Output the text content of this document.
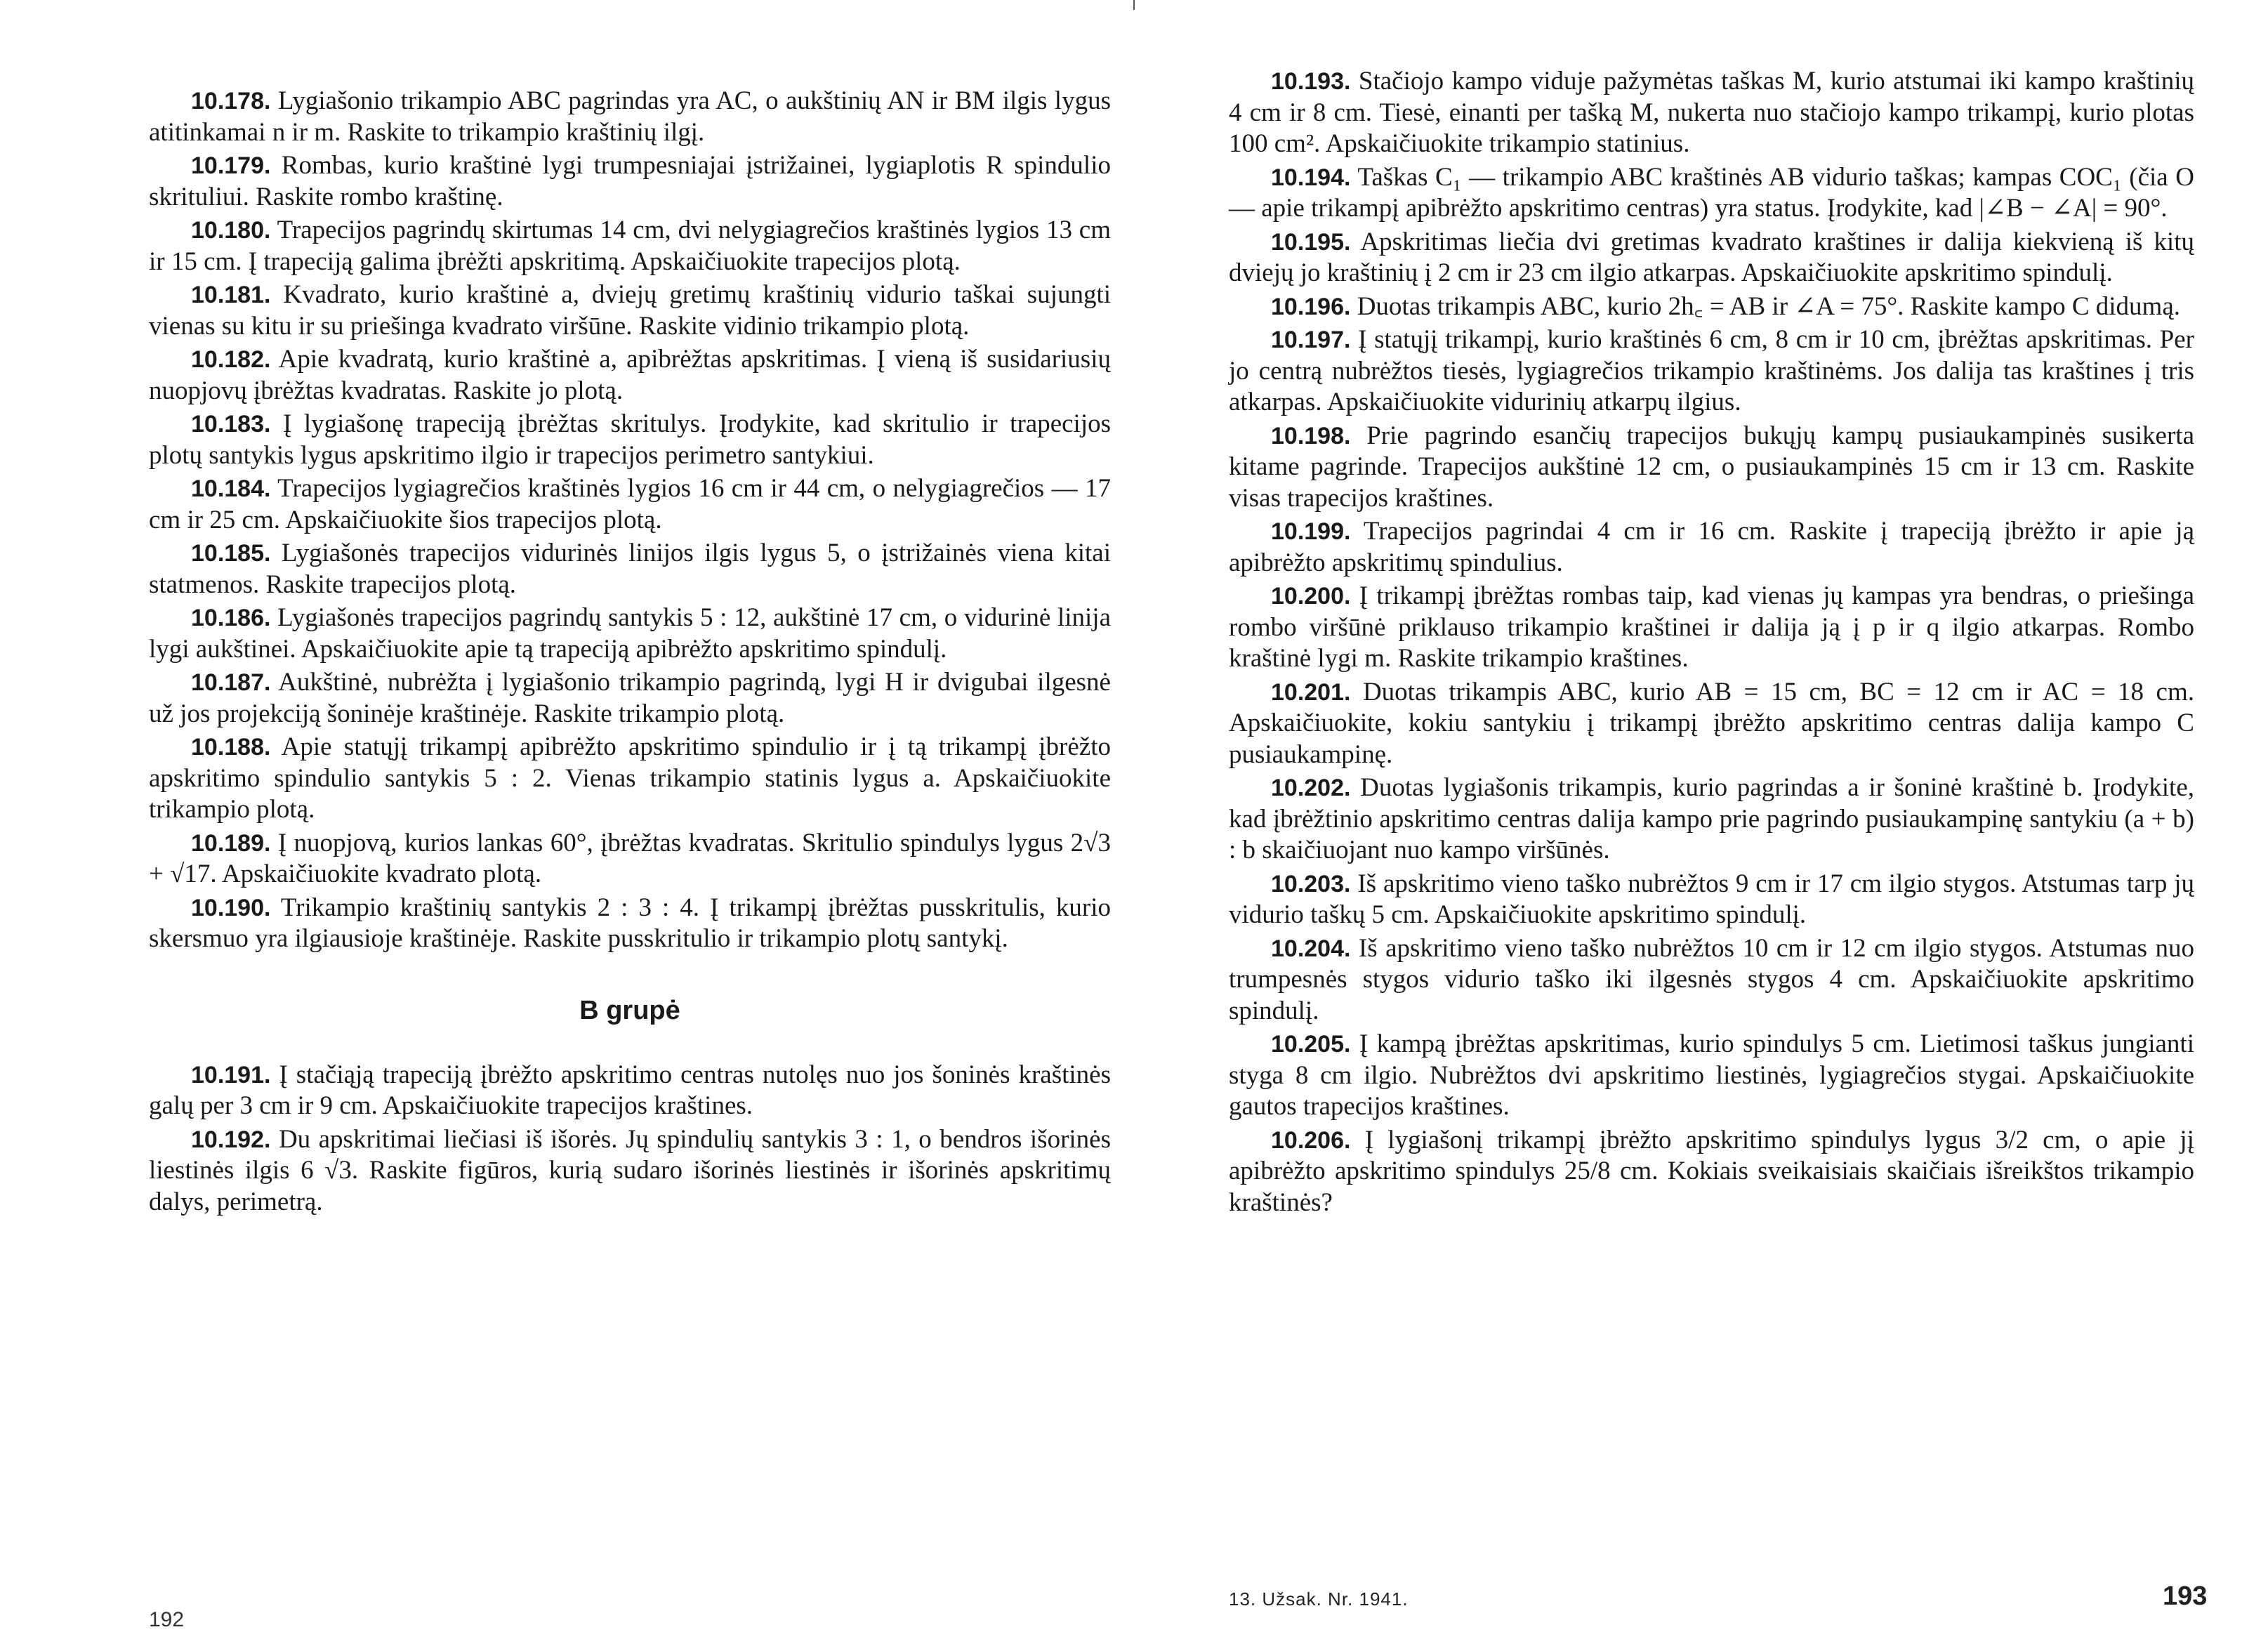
10.178. Lygiašonio trikampio ABC pagrindas yra AC, o aukštinių AN ir BM ilgis lygus atitinkamai n ir m. Raskite to trikampio kraštinių ilgį.

10.179. Rombas, kurio kraštinė lygi trumpesniajai įstrižainei, lygiaplotis R spindulio skrituliui. Raskite rombo kraštinę.

10.180. Trapecijos pagrindų skirtumas 14 cm, dvi nelygiagrečios kraštinės lygios 13 cm ir 15 cm. Į trapeciją galima įbrėžti apskritimą. Apskaičiuokite trapecijos plotą.

10.181. Kvadrato, kurio kraštinė a, dviejų gretimų kraštinių vidurio taškai sujungti vienas su kitu ir su priešinga kvadrato viršūne. Raskite vidinio trikampio plotą.

10.182. Apie kvadratą, kurio kraštinė a, apibrėžtas apskritimas. Į vieną iš susidariusių nuopjovų įbrėžtas kvadratas. Raskite jo plotą.

10.183. Į lygiašonę trapeciją įbrėžtas skritulys. Įrodykite, kad skritulio ir trapecijos plotų santykis lygus apskritimo ilgio ir trapecijos perimetro santykiui.

10.184. Trapecijos lygiagrečios kraštinės lygios 16 cm ir 44 cm, o nelygiagrečios — 17 cm ir 25 cm. Apskaičiuokite šios trapecijos plotą.

10.185. Lygiašonės trapecijos vidurinės linijos ilgis lygus 5, o įstrižainės viena kitai statmenos. Raskite trapecijos plotą.

10.186. Lygiašonės trapecijos pagrindų santykis 5 : 12, aukštinė 17 cm, o vidurinė linija lygi aukštinei. Apskaičiuokite apie tą trapeciją apibrėžto apskritimo spindulį.

10.187. Aukštinė, nubrėžta į lygiašonio trikampio pagrindą, lygi H ir dvigubai ilgesnė už jos projekciją šoninėje kraštinėje. Raskite trikampio plotą.

10.188. Apie statųjį trikampį apibrėžto apskritimo spindulio ir į tą trikampį įbrėžto apskritimo spindulio santykis 5 : 2. Vienas trikampio statinis lygus a. Apskaičiuokite trikampio plotą.

10.189. Į nuopjovą, kurios lankas 60°, įbrėžtas kvadratas. Skritulio spindulys lygus 2√3 + √17. Apskaičiuokite kvadrato plotą.

10.190. Trikampio kraštinių santykis 2 : 3 : 4. Į trikampį įbrėžtas pusskritulis, kurio skersmuo yra ilgiausioje kraštinėje. Raskite pusskritulio ir trikampio plotų santykį.

B grupė

10.191. Į stačiąją trapeciją įbrėžto apskritimo centras nutolęs nuo jos šoninės kraštinės galų per 3 cm ir 9 cm. Apskaičiuokite trapecijos kraštines.

10.192. Du apskritimai liečiasi iš išorės. Jų spindulių santykis 3 : 1, o bendros išorinės liestinės ilgis 6 √3. Raskite figūros, kurią sudaro išorinės liestinės ir išorinės apskritimų dalys, perimetrą.

192

10.193. Stačiojo kampo viduje pažymėtas taškas M, kurio atstumai iki kampo kraštinių 4 cm ir 8 cm. Tiesė, einanti per tašką M, nukerta nuo stačiojo kampo trikampį, kurio plotas 100 cm². Apskaičiuokite trikampio statinius.

10.194. Taškas C₁ — trikampio ABC kraštinės AB vidurio taškas; kampas COC₁ (čia O — apie trikampį apibrėžto apskritimo centras) yra status. Įrodykite, kad |∠B − ∠A| = 90°.

10.195. Apskritimas liečia dvi gretimas kvadrato kraštines ir dalija kiekvieną iš kitų dviejų jo kraštinių į 2 cm ir 23 cm ilgio atkarpas. Apskaičiuokite apskritimo spindulį.

10.196. Duotas trikampis ABC, kurio 2h꜀ = AB ir ∠A = 75°. Raskite kampo C didumą.

10.197. Į statųjį trikampį, kurio kraštinės 6 cm, 8 cm ir 10 cm, įbrėžtas apskritimas. Per jo centrą nubrėžtos tiesės, lygiagrečios trikampio kraštinėms. Jos dalija tas kraštines į tris atkarpas. Apskaičiuokite vidurinių atkarpų ilgius.

10.198. Prie pagrindo esančių trapecijos bukųjų kampų pusiaukampinės susikerta kitame pagrinde. Trapecijos aukštinė 12 cm, o pusiaukampinės 15 cm ir 13 cm. Raskite visas trapecijos kraštines.

10.199. Trapecijos pagrindai 4 cm ir 16 cm. Raskite į trapeciją įbrėžto ir apie ją apibrėžto apskritimų spindulius.

10.200. Į trikampį įbrėžtas rombas taip, kad vienas jų kampas yra bendras, o priešinga rombo viršūnė priklauso trikampio kraštinei ir dalija ją į p ir q ilgio atkarpas. Rombo kraštinė lygi m. Raskite trikampio kraštines.

10.201. Duotas trikampis ABC, kurio AB = 15 cm, BC = 12 cm ir AC = 18 cm. Apskaičiuokite, kokiu santykiu į trikampį įbrėžto apskritimo centras dalija kampo C pusiaukampinę.

10.202. Duotas lygiašonis trikampis, kurio pagrindas a ir šoninė kraštinė b. Įrodykite, kad įbrėžtinio apskritimo centras dalija kampo prie pagrindo pusiaukampinę santykiu (a + b) : b skaičiuojant nuo kampo viršūnės.

10.203. Iš apskritimo vieno taško nubrėžtos 9 cm ir 17 cm ilgio stygos. Atstumas tarp jų vidurio taškų 5 cm. Apskaičiuokite apskritimo spindulį.

10.204. Iš apskritimo vieno taško nubrėžtos 10 cm ir 12 cm ilgio stygos. Atstumas nuo trumpesnės stygos vidurio taško iki ilgesnės stygos 4 cm. Apskaičiuokite apskritimo spindulį.

10.205. Į kampą įbrėžtas apskritimas, kurio spindulys 5 cm. Lietimosi taškus jungianti styga 8 cm ilgio. Nubrėžtos dvi apskritimo liestinės, lygiagrečios stygai. Apskaičiuokite gautos trapecijos kraštines.

10.206. Į lygiašonį trikampį įbrėžto apskritimo spindulys lygus 3/2 cm, o apie jį apibrėžto apskritimo spindulys 25/8 cm. Kokiais sveikaisiais skaičiais išreikštos trikampio kraštinės?

13. Užsak. Nr. 1941.	193
